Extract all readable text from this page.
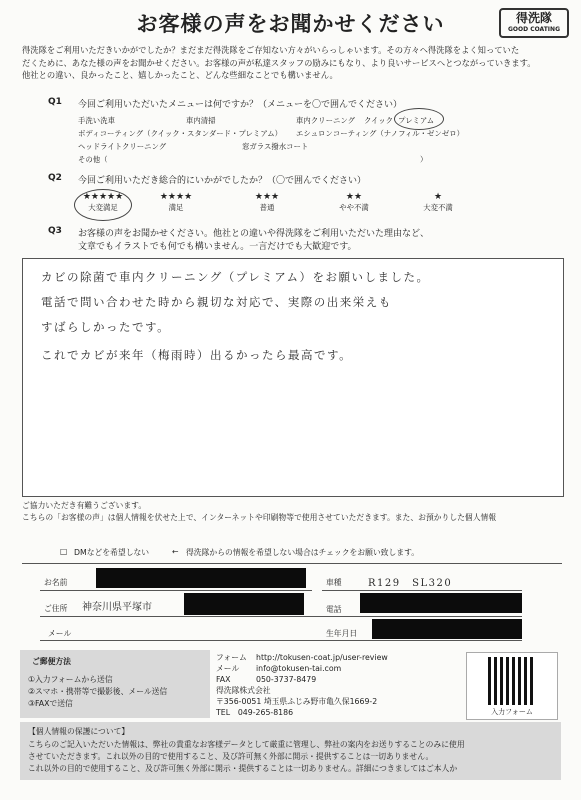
お客様の声をお聞かせください	得洗隊
GOOD COATING
得洗隊をご利用いただきいかがでしたか？まだまだ得洗隊をご存知ない方々がいらっしゃいます。その方々へ得洗隊をよく知っていた
だくために、あなた様の声をお聞かせください。お客様の声が私達スタッフの励みにもなり、より良いサービスへとつながっていきます。
他社との違い、良かったこと、嬉しかったこと、どんな些細なことでも構いません。
Q1 今回ご利用いただいたメニューは何ですか？（メニューを〇で囲んでください）
手洗い洗車	車内清掃	車内クリーニング クイック プレミアム
ボディコーティング（クイック・スタンダード・プレミアム） エシュロンコーティング（ナノフィル・ゼンゼロ）
ヘッドライトクリーニング	窓ガラス撥水コート
その他（	）
Q2 今回ご利用いただき総合的にいかがでしたか？（〇で囲んでください）
★★★★★
大変満足
★★★★
満足
★★★
普通
★★
やや不満
★
大変不満
Q3 お客様の声をお聞かせください。他社との違いや得洗隊をご利用いただいた理由など、
文章でもイラストでも何でも構いません。一言だけでも大歓迎です。
カビの除菌で車内クリーニング（プレミアム）をお願いしました。
電話で問い合わせた時から親切な対応で、実際の出来栄えも
すばらしかったです。
これでカビが来年（梅雨時）出るかったら最高です。
ご協力いただき有難うございます。
こちらの「お客様の声」は個人情報を伏せた上で、インターネットや印刷物等で使用させていただきます。また、お預かりした個人情報
□ DMなどを希望しない	← 得洗隊からの情報を希望しない場合はチェックをお願い致します。
お名前	車種	R129　SL320
ご住所 神奈川県平塚市	電話
メール	生年月日
ご郵便方法
①入力フォームから送信
②スマホ・携帯等で撮影後、メール送信
③FAXで送信
フォーム http://tokusen-coat.jp/user-review
メール info@tokusen-tai.com
FAX	050-3737-8479
得洗隊株式会社
〒356-0051 埼玉県ふじみ野市亀久保1669-2
TEL　049-265-8186	入力フォーム
【個人情報の保護について】
こちらのご記入いただいた情報は、弊社の貴重なお客様データとして厳重に管理し、弊社の案内をお送りすることのみに使用
させていただきます。これ以外の目的で使用すること、及び許可無く外部に開示・提供することは一切ありません。
これ以外の目的で使用すること、及び許可無く外部に開示・提供することは一切ありません。詳細につきましてはご本人か
